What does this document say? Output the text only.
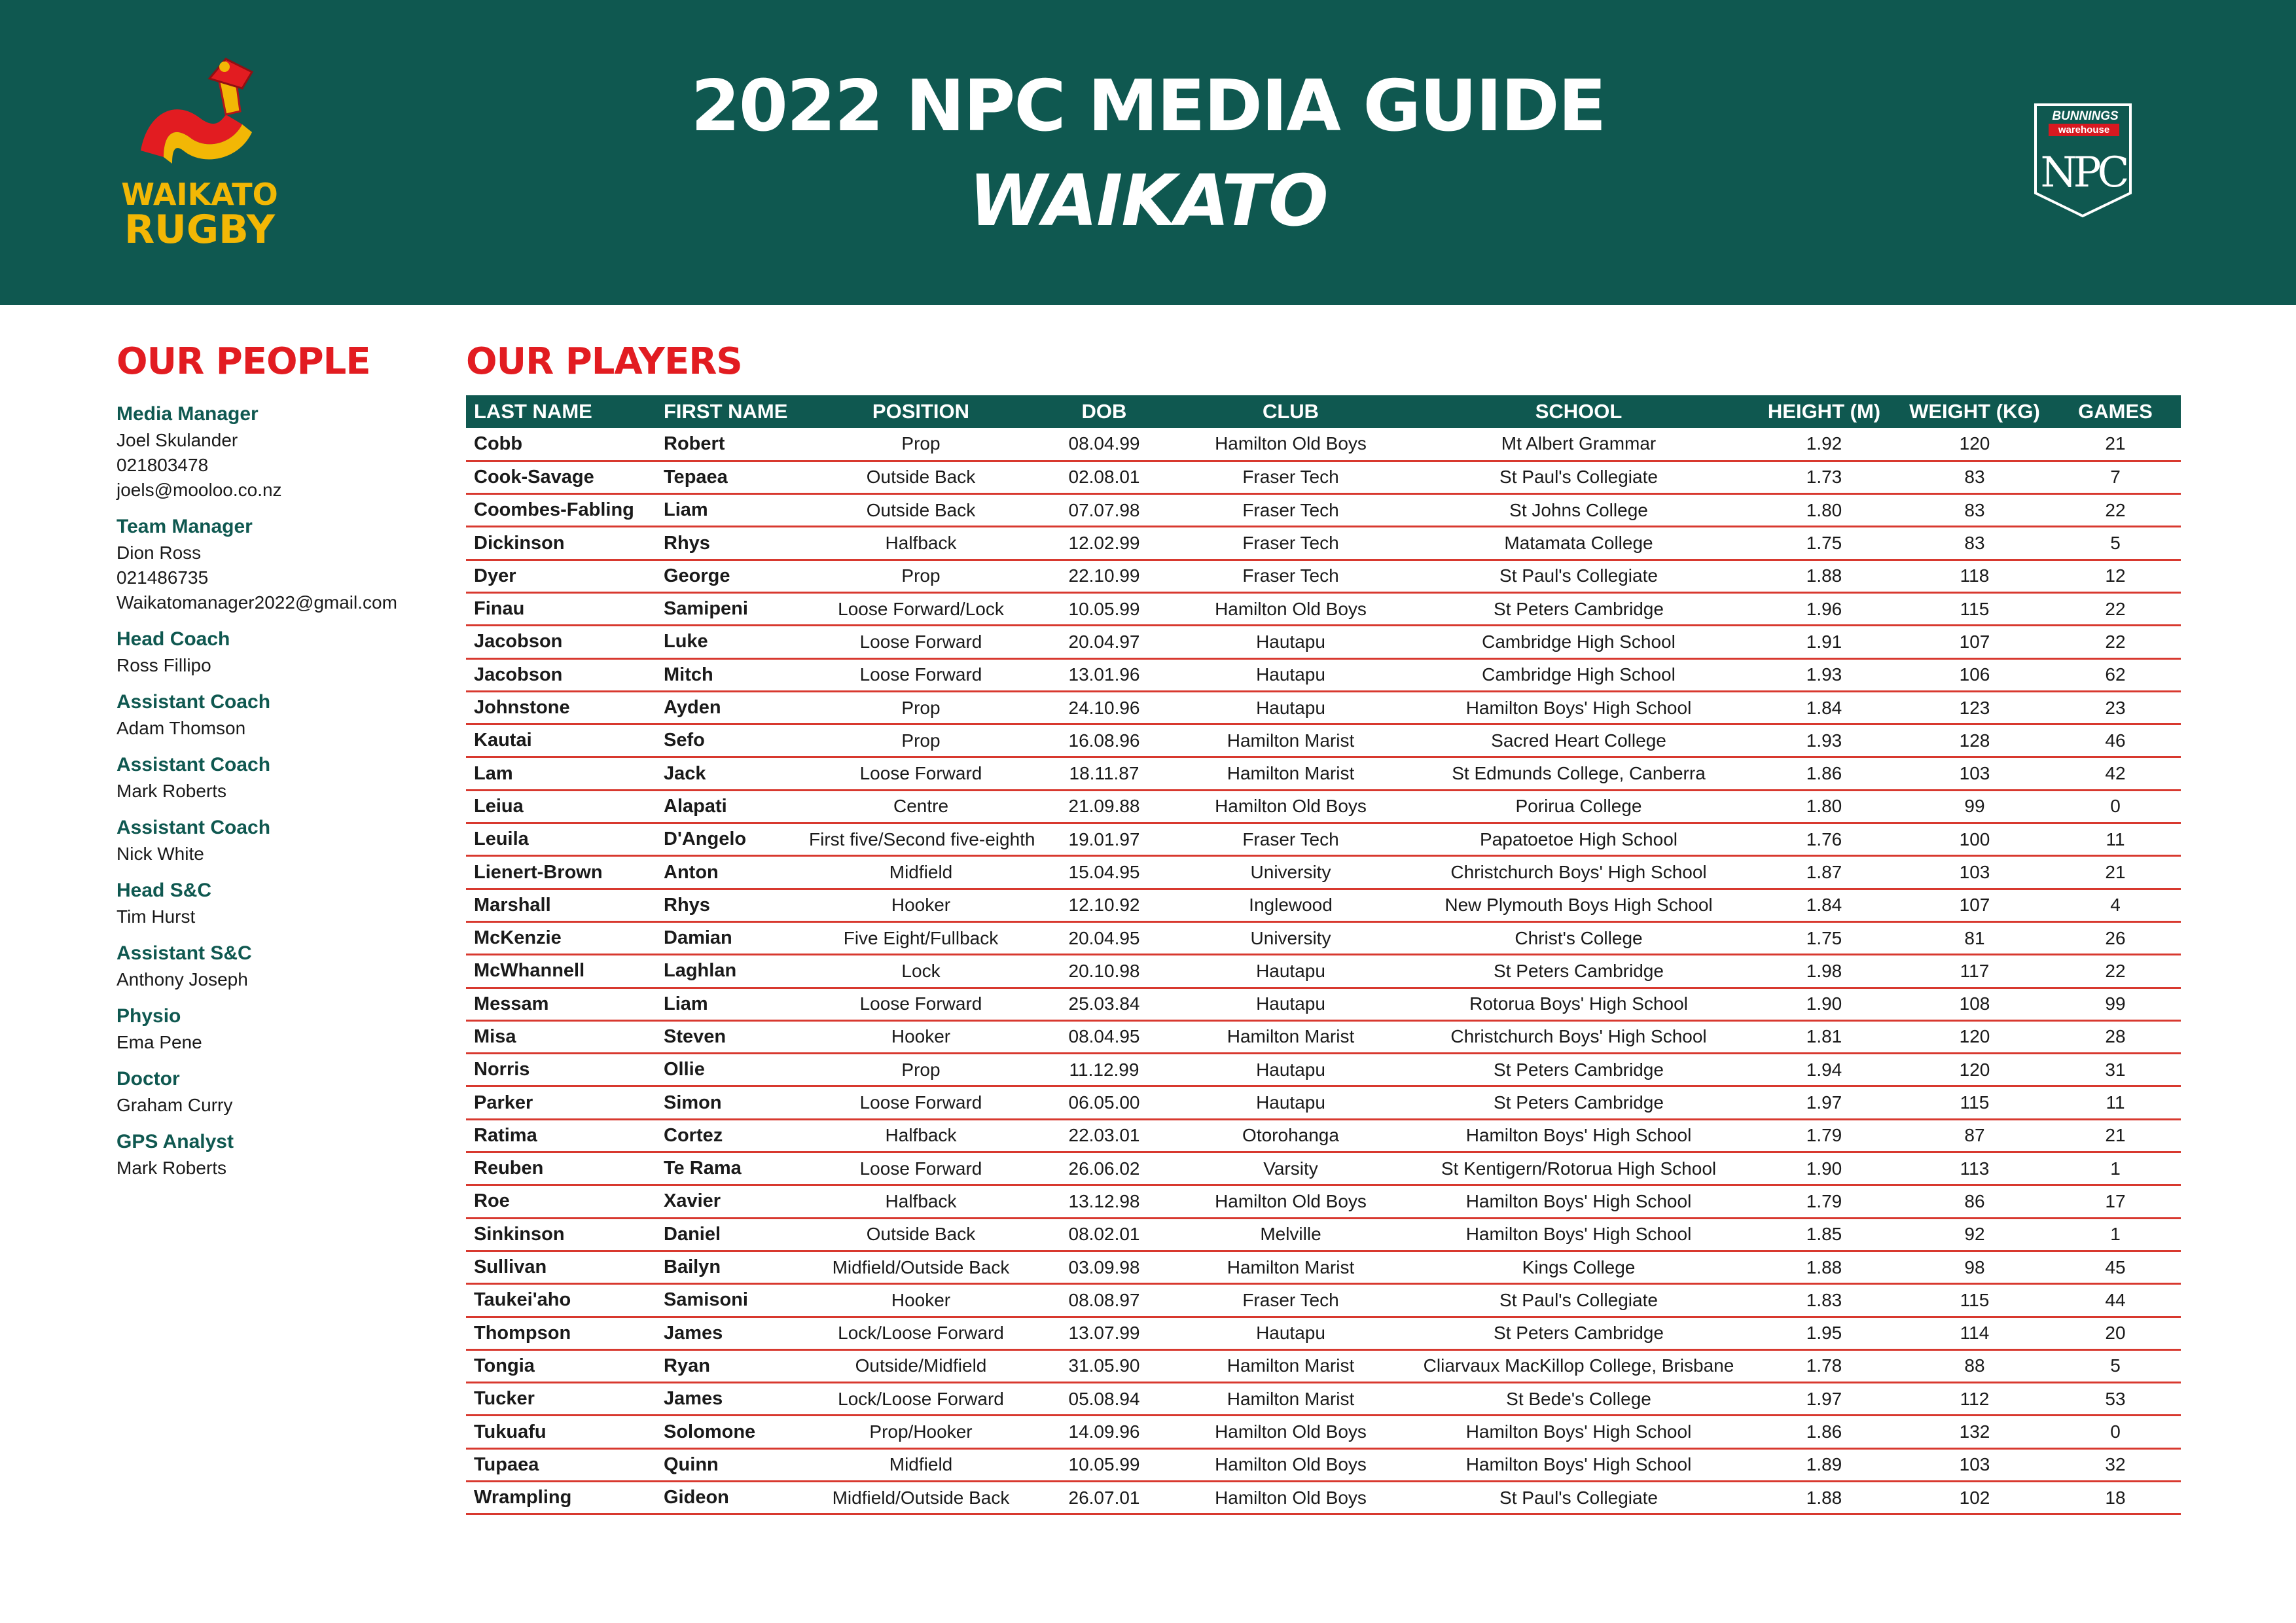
WAIKATO
RUGBY
2022 NPC MEDIA GUIDE
WAIKATO
BUNNINGS
warehouse
NPC
OUR PEOPLE	OUR PLAYERS
Media Manager
Joel Skulander
021803478
joels@mooloo.co.nz
Team Manager
Dion Ross
021486735
Waikatomanager2022@gmail.com
Head Coach
Ross Fillipo
Assistant Coach
Adam Thomson
Assistant Coach
Mark Roberts
Assistant Coach
Nick White
Head S&C
Tim Hurst
Assistant S&C
Anthony Joseph
Physio
Ema Pene
Doctor
Graham Curry
GPS Analyst
Mark Roberts
LAST NAME	FIRST NAME	POSITION	DOB	CLUB	SCHOOL	HEIGHT (M)	WEIGHT (KG)	GAMES
Cobb	Robert	Prop	08.04.99	Hamilton Old Boys	Mt Albert Grammar	1.92	120	21
Cook-Savage	Tepaea	Outside Back	02.08.01	Fraser Tech	St Paul's Collegiate	1.73	83	7
Coombes-Fabling	Liam	Outside Back	07.07.98	Fraser Tech	St Johns College	1.80	83	22
Dickinson	Rhys	Halfback	12.02.99	Fraser Tech	Matamata College	1.75	83	5
Dyer	George	Prop	22.10.99	Fraser Tech	St Paul's Collegiate	1.88	118	12
Finau	Samipeni	Loose Forward/Lock	10.05.99	Hamilton Old Boys	St Peters Cambridge	1.96	115	22
Jacobson	Luke	Loose Forward	20.04.97	Hautapu	Cambridge High School	1.91	107	22
Jacobson	Mitch	Loose Forward	13.01.96	Hautapu	Cambridge High School	1.93	106	62
Johnstone	Ayden	Prop	24.10.96	Hautapu	Hamilton Boys' High School	1.84	123	23
Kautai	Sefo	Prop	16.08.96	Hamilton Marist	Sacred Heart College	1.93	128	46
Lam	Jack	Loose Forward	18.11.87	Hamilton Marist	St Edmunds College, Canberra	1.86	103	42
Leiua	Alapati	Centre	21.09.88	Hamilton Old Boys	Porirua College	1.80	99	0
Leuila	D'Angelo	First five/Second five-eighth	19.01.97	Fraser Tech	Papatoetoe High School	1.76	100	11
Lienert-Brown	Anton	Midfield	15.04.95	University	Christchurch Boys' High School	1.87	103	21
Marshall	Rhys	Hooker	12.10.92	Inglewood	New Plymouth Boys High School	1.84	107	4
McKenzie	Damian	Five Eight/Fullback	20.04.95	University	Christ's College	1.75	81	26
McWhannell	Laghlan	Lock	20.10.98	Hautapu	St Peters Cambridge	1.98	117	22
Messam	Liam	Loose Forward	25.03.84	Hautapu	Rotorua Boys' High School	1.90	108	99
Misa	Steven	Hooker	08.04.95	Hamilton Marist	Christchurch Boys' High School	1.81	120	28
Norris	Ollie	Prop	11.12.99	Hautapu	St Peters Cambridge	1.94	120	31
Parker	Simon	Loose Forward	06.05.00	Hautapu	St Peters Cambridge	1.97	115	11
Ratima	Cortez	Halfback	22.03.01	Otorohanga	Hamilton Boys' High School	1.79	87	21
Reuben	Te Rama	Loose Forward	26.06.02	Varsity	St Kentigern/Rotorua High School	1.90	113	1
Roe	Xavier	Halfback	13.12.98	Hamilton Old Boys	Hamilton Boys' High School	1.79	86	17
Sinkinson	Daniel	Outside Back	08.02.01	Melville	Hamilton Boys' High School	1.85	92	1
Sullivan	Bailyn	Midfield/Outside Back	03.09.98	Hamilton Marist	Kings College	1.88	98	45
Taukei'aho	Samisoni	Hooker	08.08.97	Fraser Tech	St Paul's Collegiate	1.83	115	44
Thompson	James	Lock/Loose Forward	13.07.99	Hautapu	St Peters Cambridge	1.95	114	20
Tongia	Ryan	Outside/Midfield	31.05.90	Hamilton Marist	Cliarvaux MacKillop College, Brisbane	1.78	88	5
Tucker	James	Lock/Loose Forward	05.08.94	Hamilton Marist	St Bede's College	1.97	112	53
Tukuafu	Solomone	Prop/Hooker	14.09.96	Hamilton Old Boys	Hamilton Boys' High School	1.86	132	0
Tupaea	Quinn	Midfield	10.05.99	Hamilton Old Boys	Hamilton Boys' High School	1.89	103	32
Wrampling	Gideon	Midfield/Outside Back	26.07.01	Hamilton Old Boys	St Paul's Collegiate	1.88	102	18
